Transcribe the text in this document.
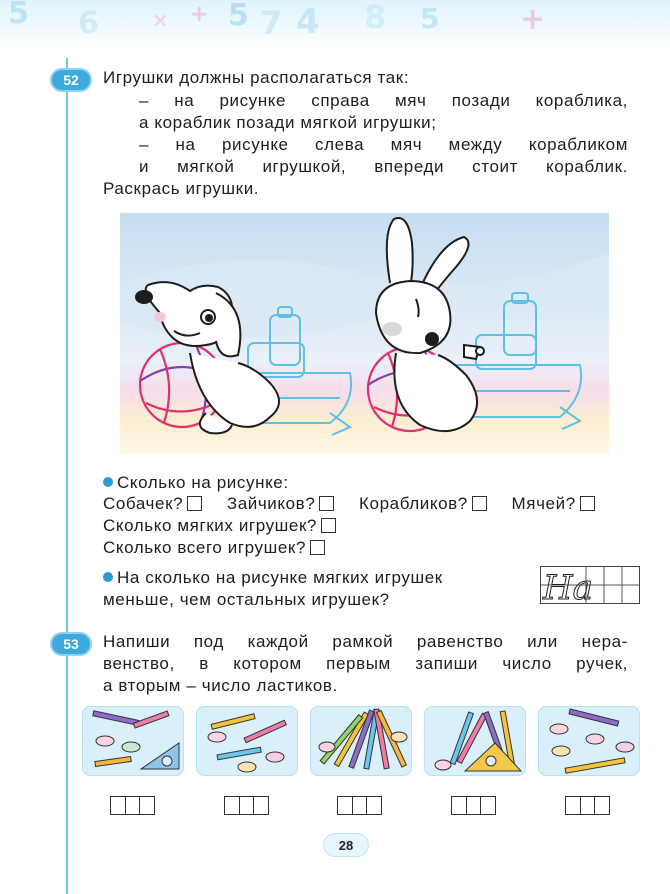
5 6	5 7 4 8 5
+
×	+
52	Игрушки должны располагаться так:
– на рисунке справа мяч позади кораблика,
а кораблик позади мягкой игрушки;
– на рисунке слева мяч между корабликом
и мягкой игрушкой, впереди стоит кораблик.
Раскрась игрушки.
Сколько на рисунке:
Собачек?	Зайчиков?	Корабликов?	Мячей?
Сколько мягких игрушек?
Сколько всего игрушек?
На сколько на рисунке мягких игрушек
меньше, чем остальных игрушек?	На
53	Напиши под каждой рамкой равенство или нера-
венство, в котором первым запиши число ручек,
а вторым – число ластиков.
28
